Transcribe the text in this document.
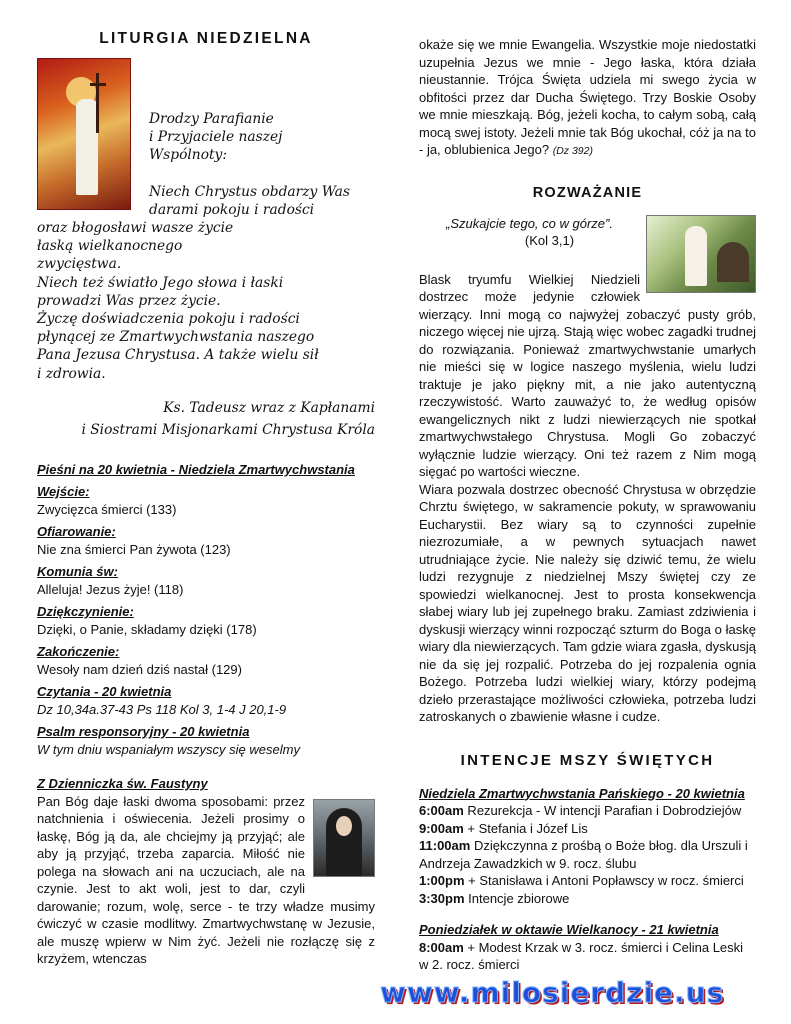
LITURGIA NIEDZIELNA

Drodzy Parafianie

i Przyjaciele naszej

Wspólnoty:

Niech Chrystus obdarzy Was

darami pokoju i radości

oraz błogosławi wasze życie

łaską wielkanocnego

zwycięstwa.

Niech też światło Jego słowa i łaski

prowadzi Was przez życie.

Życzę doświadczenia pokoju i radości

płynącej ze Zmartwychwstania naszego

Pana Jezusa Chrystusa. A także wielu sił

i zdrowia.

Ks. Tadeusz wraz z Kapłanami
i Siostrami Misjonarkami Chrystusa Króla

Pieśni na 20 kwietnia - Niedziela Zmartwychwstania

Wejście:

Zwycięzca śmierci (133)

Ofiarowanie:

Nie zna śmierci Pan żywota (123)

Komunia św:

Alleluja! Jezus żyje! (118)

Dziękczynienie:

Dzięki, o Panie, składamy dzięki (178)

Zakończenie:

Wesoły nam dzień dziś nastał (129)

Czytania - 20 kwietnia

Dz 10,34a.37-43 Ps 118 Kol 3, 1-4 J 20,1-9

Psalm responsoryjny - 20 kwietnia

W tym dniu wspaniałym wszyscy się weselmy

Z Dzienniczka św. Faustyny

Pan Bóg daje łaski dwoma sposobami: przez natchnienia i oświecenia. Jeżeli prosimy o łaskę, Bóg ją da, ale chciejmy ją przyjąć; ale aby ją przyjąć, trzeba zaparcia. Miłość nie polega na słowach ani na uczuciach, ale na czynie. Jest to akt woli, jest to dar, czyli darowanie; rozum, wolę, serce - te trzy władze musimy ćwiczyć w czasie modlitwy. Zmartwychwstanę w Jezusie, ale muszę wpierw w Nim żyć. Jeżeli nie rozłączę się z krzyżem, wtenczas

okaże się we mnie Ewangelia. Wszystkie moje niedostatki uzupełnia Jezus we mnie - Jego łaska, która działa nieustannie. Trójca Święta udziela mi swego życia w obfitości przez dar Ducha Świętego. Trzy Boskie Osoby we mnie mieszkają. Bóg, jeżeli kocha, to całym sobą, całą mocą swej istoty. Jeżeli mnie tak Bóg ukochał, cóż ja na to - ja, oblubienica Jego? (Dz 392)

ROZWAŻANIE

„Szukajcie tego, co w górze”.

(Kol 3,1)

Blask tryumfu Wielkiej Niedzieli dostrzec może jedynie człowiek wierzący. Inni mogą co najwyżej zobaczyć pusty grób, niczego więcej nie ujrzą. Stają więc wobec zagadki trudnej do rozwiązania. Ponieważ zmartwychwstanie umarłych nie mieści się w logice naszego myślenia, wielu ludzi traktuje je jako piękny mit, a nie jako autentyczną rzeczywistość. Warto zauważyć to, że według opisów ewangelicznych nikt z ludzi niewierzących nie spotkał zmartwychwstałego Chrystusa. Mogli Go zobaczyć wyłącznie ludzie wierzący. Oni też razem z Nim mogą sięgać po wartości wieczne.

Wiara pozwala dostrzec obecność Chrystusa w obrzędzie Chrztu świętego, w sakramencie pokuty, w sprawowaniu Eucharystii. Bez wiary są to czynności zupełnie niezrozumiałe, a w pewnych sytuacjach nawet utrudniające życie. Nie należy się dziwić temu, że wielu ludzi rezygnuje z niedzielnej Mszy świętej czy ze spowiedzi wielkanocnej. Jest to prosta konsekwencja słabej wiary lub jej zupełnego braku. Zamiast zdziwienia i dyskusji wierzący winni rozpocząć szturm do Boga o łaskę wiary dla niewierzących. Tam gdzie wiara zgasła, dyskusją nie da się jej rozpalić. Potrzeba do jej rozpalenia ognia Bożego. Potrzeba ludzi wielkiej wiary, którzy podejmą dzieło przerastające możliwości człowieka, potrzeba ludzi zatroskanych o zbawienie własne i cudze.

INTENCJE MSZY ŚWIĘTYCH

Niedziela Zmartwychwstania Pańskiego - 20 kwietnia

6:00am Rezurekcja - W intencji Parafian i Dobrodziejów

9:00am + Stefania i Józef Lis

11:00am Dziękczynna z prośbą o Boże błog. dla Urszuli i Andrzeja Zawadzkich w 9. rocz. ślubu

1:00pm + Stanisława i Antoni Popławscy w rocz. śmierci

3:30pm Intencje zbiorowe

Poniedziałek w oktawie Wielkanocy - 21 kwietnia

8:00am + Modest Krzak w 3. rocz. śmierci i Celina Leski w 2. rocz. śmierci

www.milosierdzie.us
